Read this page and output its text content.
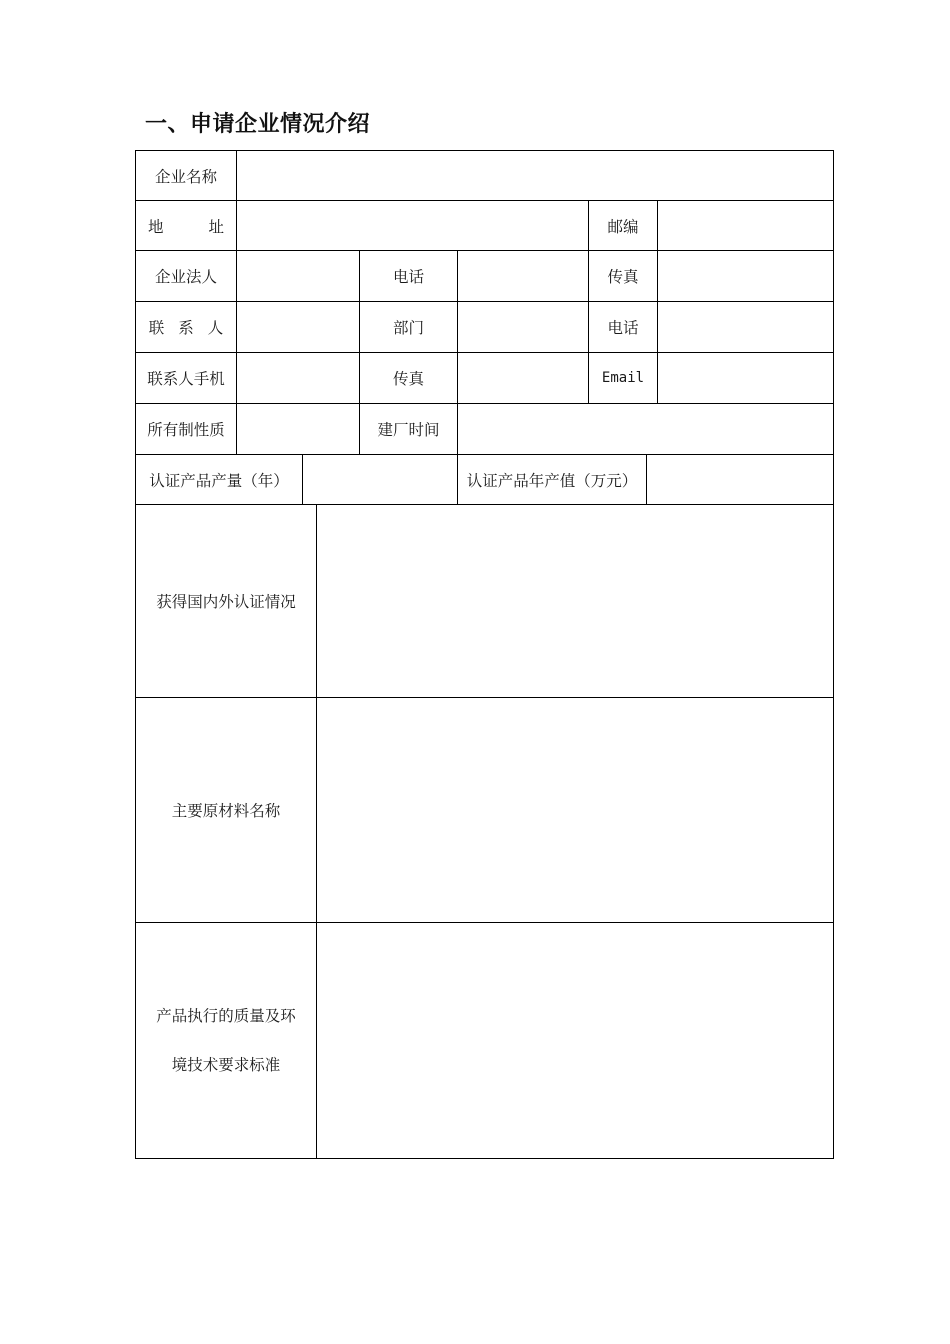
一、申请企业情况介绍
企业名称
地	址	邮编
企业法人	电话	传真
联 系 人	部门	电话
联系人手机	传真	Email
所有制性质	建厂时间
认证产品产量（年）	认证产品年产值（万元）
获得国内外认证情况
主要原材料名称
产品执行的质量及环
境技术要求标准
